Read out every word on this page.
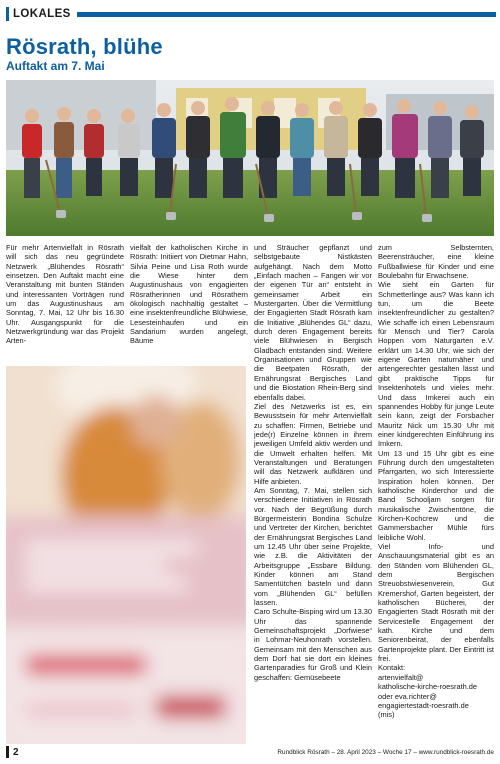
LOKALES
Rösrath, blühe
Auftakt am 7. Mai

Für mehr Artenvielfalt in Rösrath will sich das neu gegründete Netzwerk „Blühendes Rösrath“ einsetzen. Den Auftakt macht eine Veranstaltung mit bunten Ständen und interessanten Vorträgen rund um das Augustinushaus am Sonntag, 7. Mai, 12 Uhr bis 16.30 Uhr. Ausgangspunkt für die Netzwerkgründung war das Projekt Arten-

vielfalt der katholischen Kirche in Rösrath: Initiiert von Dietmar Hahn, Silvia Peine und Lisa Roth wurde die Wiese hinter dem Augustinushaus von engagierten Rösratherinnen und Rösrathern ökologisch nachhaltig gestaltet – eine insektenfreundliche Blühwiese, Lesesteinhaufen und ein Sandarium wurden angelegt, Bäume

und Sträucher gepflanzt und selbstgebaute Nistkästen aufgehängt. Nach dem Motto „Einfach machen – Fangen wir vor der eigenen Tür an“ entsteht in gemeinsamer Arbeit ein Mustergarten. Über die Vermittlung der Engagierten Stadt Rösrath kam die Initiative „Blühendes GL“ dazu, durch deren Engagement bereits viele Blühwiesen in Bergisch Gladbach entstanden sind. Weitere Organisationen und Gruppen wie die Beetpaten Rösrath, der Ernährungsrat Bergisches Land und die Biostation Rhein-Berg sind ebenfalls dabei.

Ziel des Netzwerks ist es, ein Bewusstsein für mehr Artenvielfalt zu schaffen: Firmen, Betriebe und jede(r) Einzelne können in ihrem jeweiligen Umfeld aktiv werden und die Umwelt erhalten helfen. Mit Veranstaltungen und Beratungen will das Netzwerk aufklären und Hilfe anbieten.

Am Sonntag, 7. Mai, stellen sich verschiedene Initiativen in Rösrath vor. Nach der Begrüßung durch Bürgermeisterin Bondina Schulze und Vertreter der Kirchen, berichtet der Ernährungsrat Bergisches Land um 12.45 Uhr über seine Projekte, wie z.B. die Aktivitäten der Arbeitsgruppe „Essbare Bildung. Kinder können am Stand Samentütchen basteln und dann vom „Blühenden GL“ befüllen lassen.

Caro Schulte-Bisping wird um 13.30 Uhr das spannende Gemeinschaftsprojekt „Dorfwiese“ in Lohmar-Neuhonrath vorstellen. Gemeinsam mit den Menschen aus dem Dorf hat sie dort ein kleines Gartenparadies für Groß und Klein geschaffen: Gemüsebeete

zum Selbsternten, Beerensträucher, eine kleine Fußballwiese für Kinder und eine Boulebahn für Erwachsene.

Wie sieht ein Garten für Schmetterlinge aus? Was kann ich tun, um die Beete insektenfreundlicher zu gestalten? Wie schaffe ich einen Lebensraum für Mensch und Tier? Carola Hoppen vom Naturgarten e.V. erklärt um 14.30 Uhr, wie sich der eigene Garten naturnäher und artengerechter gestalten lässt und gibt praktische Tipps für Insektenhotels und vieles mehr. Und dass Imkerei auch ein spannendes Hobby für junge Leute sein kann, zeigt der Forsbacher Mauritz Nick um 15.30 Uhr mit einer kindgerechten Einführung ins Imkern.

Um 13 und 15 Uhr gibt es eine Führung durch den umgestalteten Pfarrgarten, wo sich Interessierte Inspiration holen können. Der katholische Kinderchor und die Band Schooljam sorgen für musikalische Zwischentöne, die Kirchen-Kochcrew und die Gammersbacher Mühle fürs leibliche Wohl.

Viel Info- und Anschauungsmaterial gibt es an den Ständen vom Blühenden GL, dem Bergischen Streuobstwiesenverein, Gut Kremershof, Garten begeistert, der katholischen Bücherei, der Engagierten Stadt Rösrath mit der Servicestelle Engagement der kath. Kirche und dem Seniorenbeirat, der ebenfalls Gartenprojekte plant. Der Eintritt ist frei.

Kontakt:
artenvielfalt@
katholische-kirche-roesrath.de
oder eva.richter@
engagiertestadt-roesrath.de
(mis)
2	Rundblick Rösrath – 28. April 2023 – Woche 17 – www.rundblick-roesrath.de
